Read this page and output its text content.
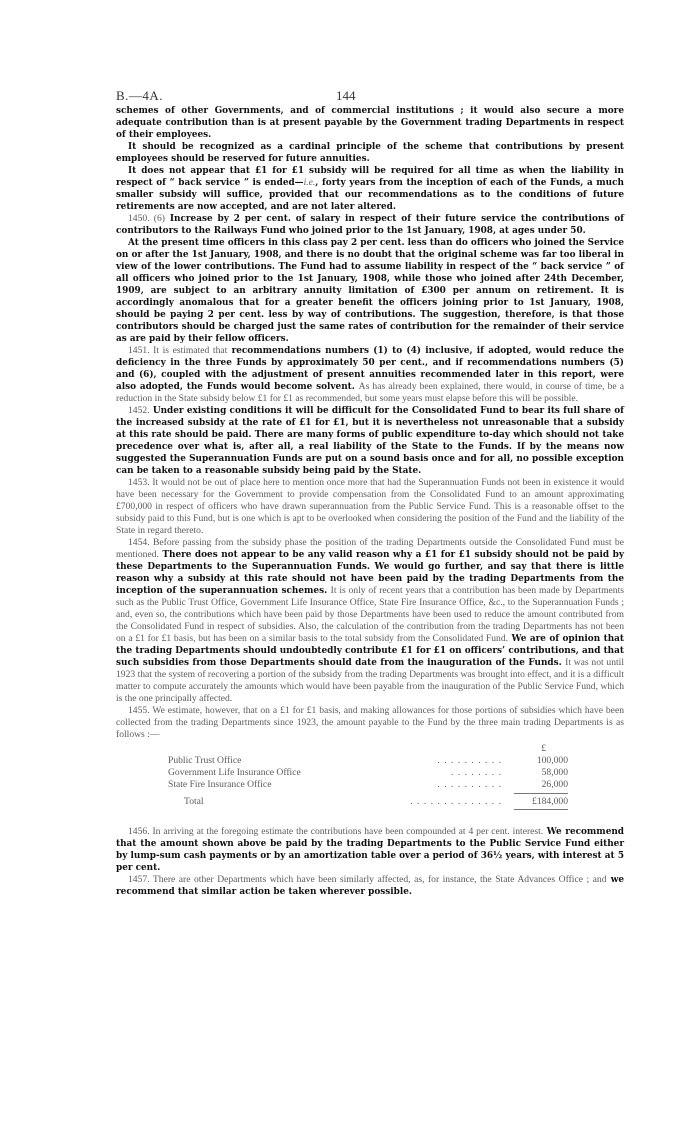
B.—4A.	144

schemes of other Governments, and of commercial institutions ; it would also secure a more adequate contribution than is at present payable by the Government trading Departments in respect of their employees.

It should be recognized as a cardinal principle of the scheme that contributions by present employees should be reserved for future annuities.

It does not appear that £1 for £1 subsidy will be required for all time as when the liability in respect of “ back service ” is ended—i.e., forty years from the inception of each of the Funds, a much smaller subsidy will suffice, provided that our recommendations as to the conditions of future retirements are now accepted, and are not later altered.

1450. (6) Increase by 2 per cent. of salary in respect of their future service the contributions of contributors to the Railways Fund who joined prior to the 1st January, 1908, at ages under 50.

At the present time officers in this class pay 2 per cent. less than do officers who joined the Service on or after the 1st January, 1908, and there is no doubt that the original scheme was far too liberal in view of the lower contributions. The Fund had to assume liability in respect of the “ back service ” of all officers who joined prior to the 1st January, 1908, while those who joined after 24th December, 1909, are subject to an arbitrary annuity limitation of £300 per annum on retirement. It is accordingly anomalous that for a greater benefit the officers joining prior to 1st January, 1908, should be paying 2 per cent. less by way of contributions. The suggestion, therefore, is that those contributors should be charged just the same rates of contribution for the remainder of their service as are paid by their fellow officers.

1451. It is estimated that recommendations numbers (1) to (4) inclusive, if adopted, would reduce the deficiency in the three Funds by approximately 50 per cent., and if recommendations numbers (5) and (6), coupled with the adjustment of present annuities recommended later in this report, were also adopted, the Funds would become solvent. As has already been explained, there would, in course of time, be a reduction in the State subsidy below £1 for £1 as recommended, but some years must elapse before this will be possible.

1452. Under existing conditions it will be difficult for the Consolidated Fund to bear its full share of the increased subsidy at the rate of £1 for £1, but it is nevertheless not unreasonable that a subsidy at this rate should be paid. There are many forms of public expenditure to-day which should not take precedence over what is, after all, a real liability of the State to the Funds. If by the means now suggested the Superannuation Funds are put on a sound basis once and for all, no possible exception can be taken to a reasonable subsidy being paid by the State.

1453. It would not be out of place here to mention once more that had the Superannuation Funds not been in existence it would have been necessary for the Government to provide compensation from the Consolidated Fund to an amount approximating £700,000 in respect of officers who have drawn superannuation from the Public Service Fund. This is a reasonable offset to the subsidy paid to this Fund, but is one which is apt to be overlooked when considering the position of the Fund and the liability of the State in regard thereto.

1454. Before passing from the subsidy phase the position of the trading Departments outside the Consolidated Fund must be mentioned. There does not appear to be any valid reason why a £1 for £1 subsidy should not be paid by these Departments to the Superannuation Funds. We would go further, and say that there is little reason why a subsidy at this rate should not have been paid by the trading Departments from the inception of the superannuation schemes. It is only of recent years that a contribution has been made by Departments such as the Public Trust Office, Government Life Insurance Office, State Fire Insurance Office, &c., to the Superannuation Funds ; and, even so, the contributions which have been paid by those Departments have been used to reduce the amount contributed from the Consolidated Fund in respect of subsidies. Also, the calculation of the contribution from the trading Departments has not been on a £1 for £1 basis, but has been on a similar basis to the total subsidy from the Consolidated Fund. We are of opinion that the trading Departments should undoubtedly contribute £1 for £1 on officers’ contributions, and that such subsidies from those Departments should date from the inauguration of the Funds. It was not until 1923 that the system of recovering a portion of the subsidy from the trading Departments was brought into effect, and it is a difficult matter to compute accurately the amounts which would have been payable from the inauguration of the Public Service Fund, which is the one principally affected.

1455. We estimate, however, that on a £1 for £1 basis, and making allowances for those portions of subsidies which have been collected from the trading Departments since 1923, the amount payable to the Fund by the three main trading Departments is as follows :—

£
Public Trust Office	. . . . . . . . . .	100,000
Government Life Insurance Office	. . . . . . . .	58,000
State Fire Insurance Office	. . . . . . . . . .	26,000
Total	. . . . . . . . . . . . . .	£184,000

1456. In arriving at the foregoing estimate the contributions have been compounded at 4 per cent. interest. We recommend that the amount shown above be paid by the trading Departments to the Public Service Fund either by lump-sum cash payments or by an amortization table over a period of 36½ years, with interest at 5 per cent.

1457. There are other Departments which have been similarly affected, as, for instance, the State Advances Office ; and we recommend that similar action be taken wherever possible.
